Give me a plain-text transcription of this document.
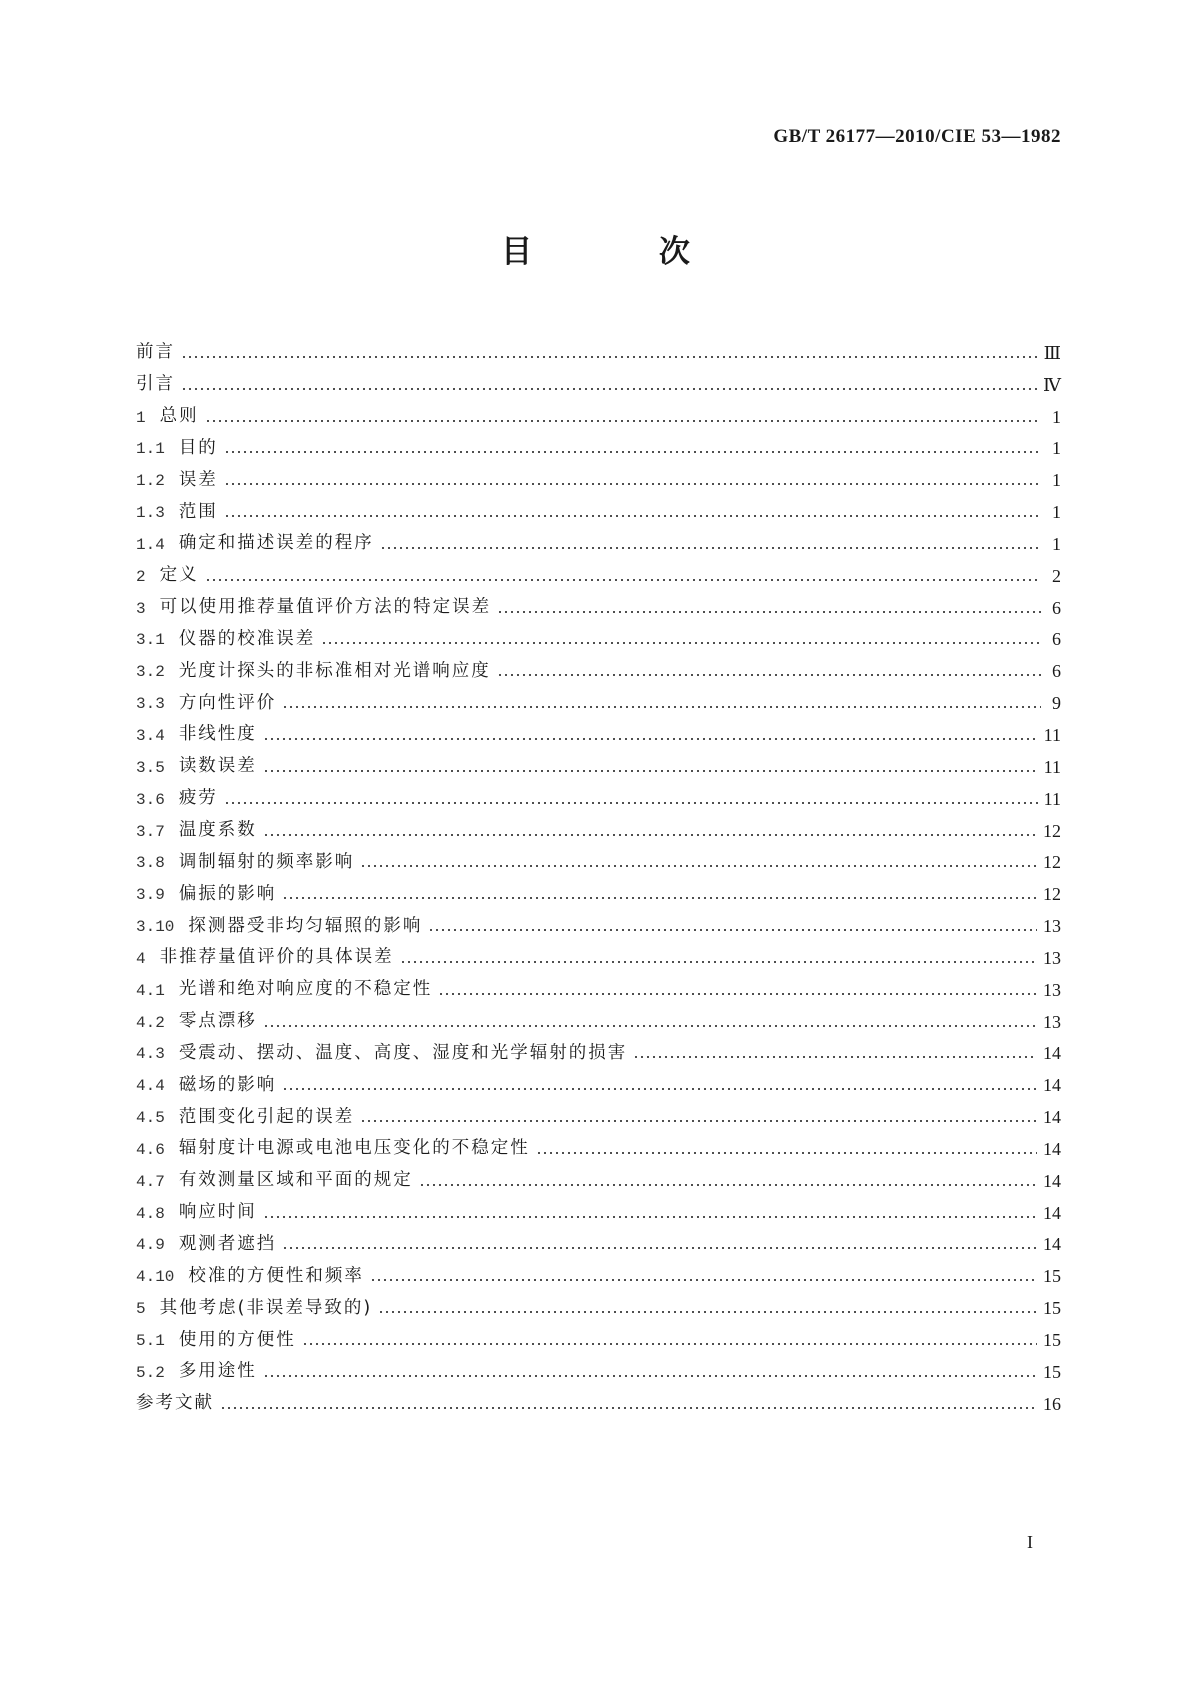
GB/T 26177—2010/CIE 53—1982
目 次
前言	Ⅲ
引言	Ⅳ
1 总则	1
1.1 目的	1
1.2 误差	1
1.3 范围	1
1.4 确定和描述误差的程序	1
2 定义	2
3 可以使用推荐量值评价方法的特定误差	6
3.1 仪器的校准误差	6
3.2 光度计探头的非标准相对光谱响应度	6
3.3 方向性评价	9
3.4 非线性度	11
3.5 读数误差	11
3.6 疲劳	11
3.7 温度系数	12
3.8 调制辐射的频率影响	12
3.9 偏振的影响	12
3.10 探测器受非均匀辐照的影响	13
4 非推荐量值评价的具体误差	13
4.1 光谱和绝对响应度的不稳定性	13
4.2 零点漂移	13
4.3 受震动、摆动、温度、高度、湿度和光学辐射的损害	14
4.4 磁场的影响	14
4.5 范围变化引起的误差	14
4.6 辐射度计电源或电池电压变化的不稳定性	14
4.7 有效测量区域和平面的规定	14
4.8 响应时间	14
4.9 观测者遮挡	14
4.10 校准的方便性和频率	15
5 其他考虑(非误差导致的)	15
5.1 使用的方便性	15
5.2 多用途性	15
参考文献	16
I
